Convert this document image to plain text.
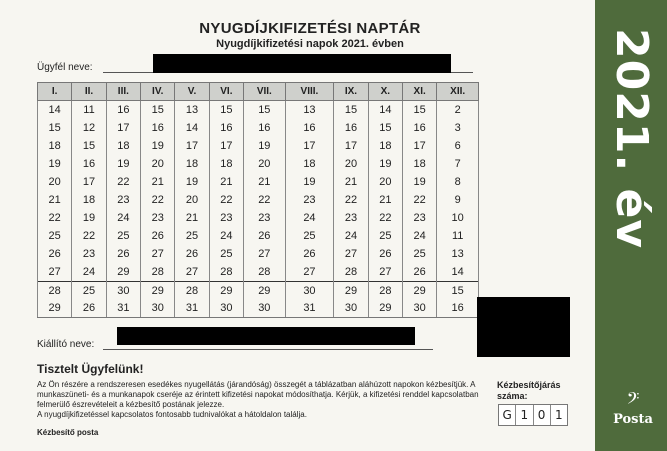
2021. év
𝄢
Posta
NYUGDÍJKIFIZETÉSI NAPTÁR
Nyugdíjkifizetési napok 2021. évben
Ügyfél neve:
I.	II.	III.	IV.	V.	VI.	VII.	VIII.	IX.	X.	XI.	XII.
14	11	16	15	13	15	15	13	15	14	15	2
15	12	17	16	14	16	16	16	16	15	16	3
18	15	18	19	17	17	19	17	17	18	17	6
19	16	19	20	18	18	20	18	20	19	18	7
20	17	22	21	19	21	21	19	21	20	19	8
21	18	23	22	20	22	22	23	22	21	22	9
22	19	24	23	21	23	23	24	23	22	23	10
25	22	25	26	25	24	26	25	24	25	24	11
26	23	26	27	26	25	27	26	27	26	25	13
27	24	29	28	27	28	28	27	28	27	26	14
28	25	30	29	28	29	29	30	29	28	29	15
29	26	31	30	31	30	30	31	30	29	30	16
Kiállító neve:
Tisztelt Ügyfelünk!
Az Ön részére a rendszeresen esedékes nyugellátás (járandóság) összegét a táblázatban aláhúzott napokon kézbesítjük. A munkaszüneti- és a munkanapok cseréje az érintett kifizetési napokat módosíthatja. Kérjük, a kifizetési renddel kapcsolatban felmerülő észrevételeit a kézbesítő postának jelezze.
A nyugdíjkifizetéssel kapcsolatos fontosabb tudnivalókat a hátoldalon találja.
Kézbesítő posta
Kézbesítőjárás
száma:
G 1 0 1
